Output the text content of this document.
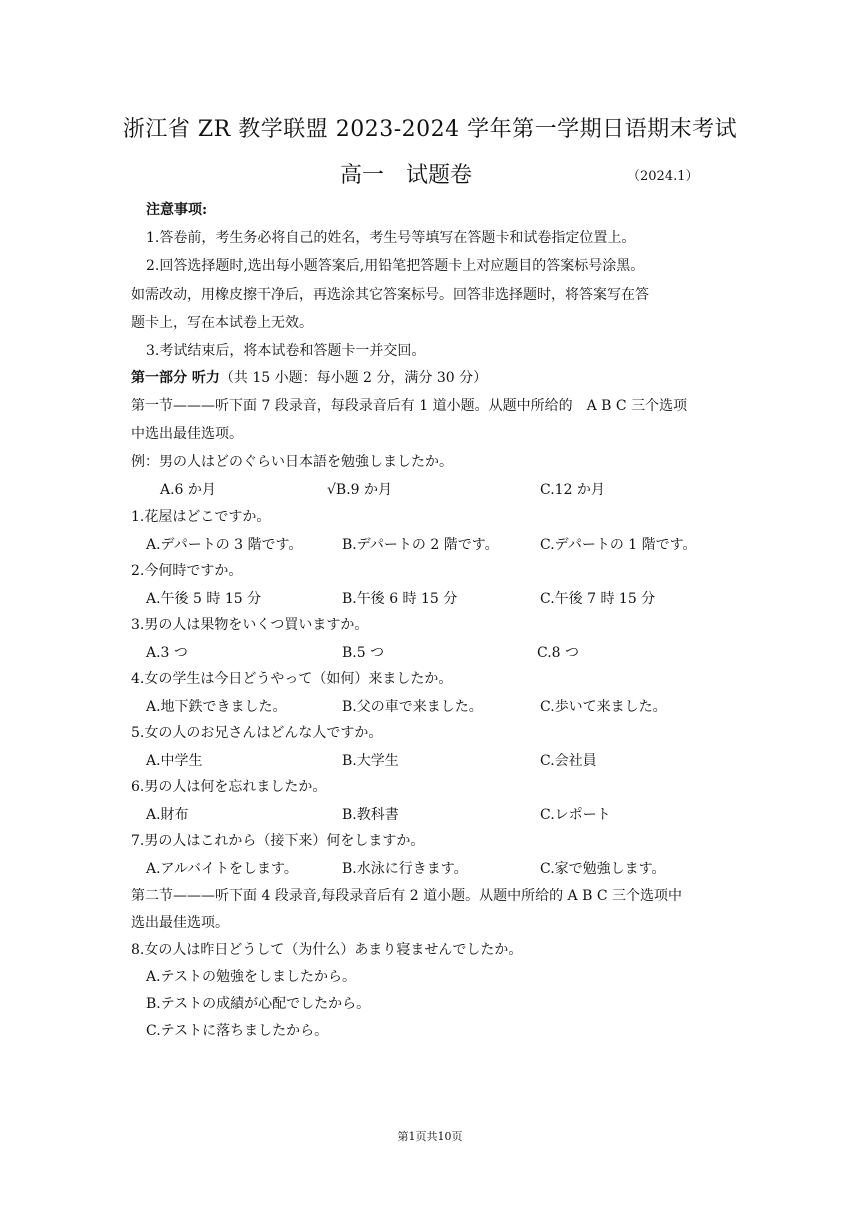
浙江省 ZR 教学联盟 2023-2024 学年第一学期日语期末考试
高一　试题卷	（2024.1）
注意事项:
1.答卷前，考生务必将自己的姓名，考生号等填写在答题卡和试卷指定位置上。
2.回答选择题时,选出每小题答案后,用铅笔把答题卡上对应题目的答案标号涂黑。
如需改动，用橡皮擦干净后，再选涂其它答案标号。回答非选择题时，将答案写在答
题卡上，写在本试卷上无效。
3.考试结束后，将本试卷和答题卡一并交回。
第一部分 听力（共 15 小题：每小题 2 分，满分 30 分）
第一节———听下面 7 段录音，每段录音后有 1 道小题。从题中所给的　A B C 三个选项
中选出最佳选项。
例：男の人はどのぐらい日本語を勉強しましたか。
A.6 か月	√B.9 か月	C.12 か月
1.花屋はどこですか。
A.デパートの 3 階です。	B.デパートの 2 階です。	C.デパートの 1 階です。
2.今何時ですか。
A.午後 5 時 15 分	B.午後 6 時 15 分	C.午後 7 時 15 分
3.男の人は果物をいくつ買いますか。
A.3 つ	B.5 つ	C.8 つ
4.女の学生は今日どうやって（如何）来ましたか。
A.地下鉄できました。	B.父の車で来ました。	C.歩いて来ました。
5.女の人のお兄さんはどんな人ですか。
A.中学生	B.大学生	C.会社員
6.男の人は何を忘れましたか。
A.財布	B.教科書	C.レポート
7.男の人はこれから（接下来）何をしますか。
A.アルバイトをします。	B.水泳に行きます。	C.家で勉強します。
第二节———听下面 4 段录音,每段录音后有 2 道小题。从题中所给的 A B C 三个选项中
选出最佳选项。
8.女の人は昨日どうして（为什么）あまり寝ませんでしたか。
A.テストの勉強をしましたから。
B.テストの成績が心配でしたから。
C.テストに落ちましたから。
第1页共10页
